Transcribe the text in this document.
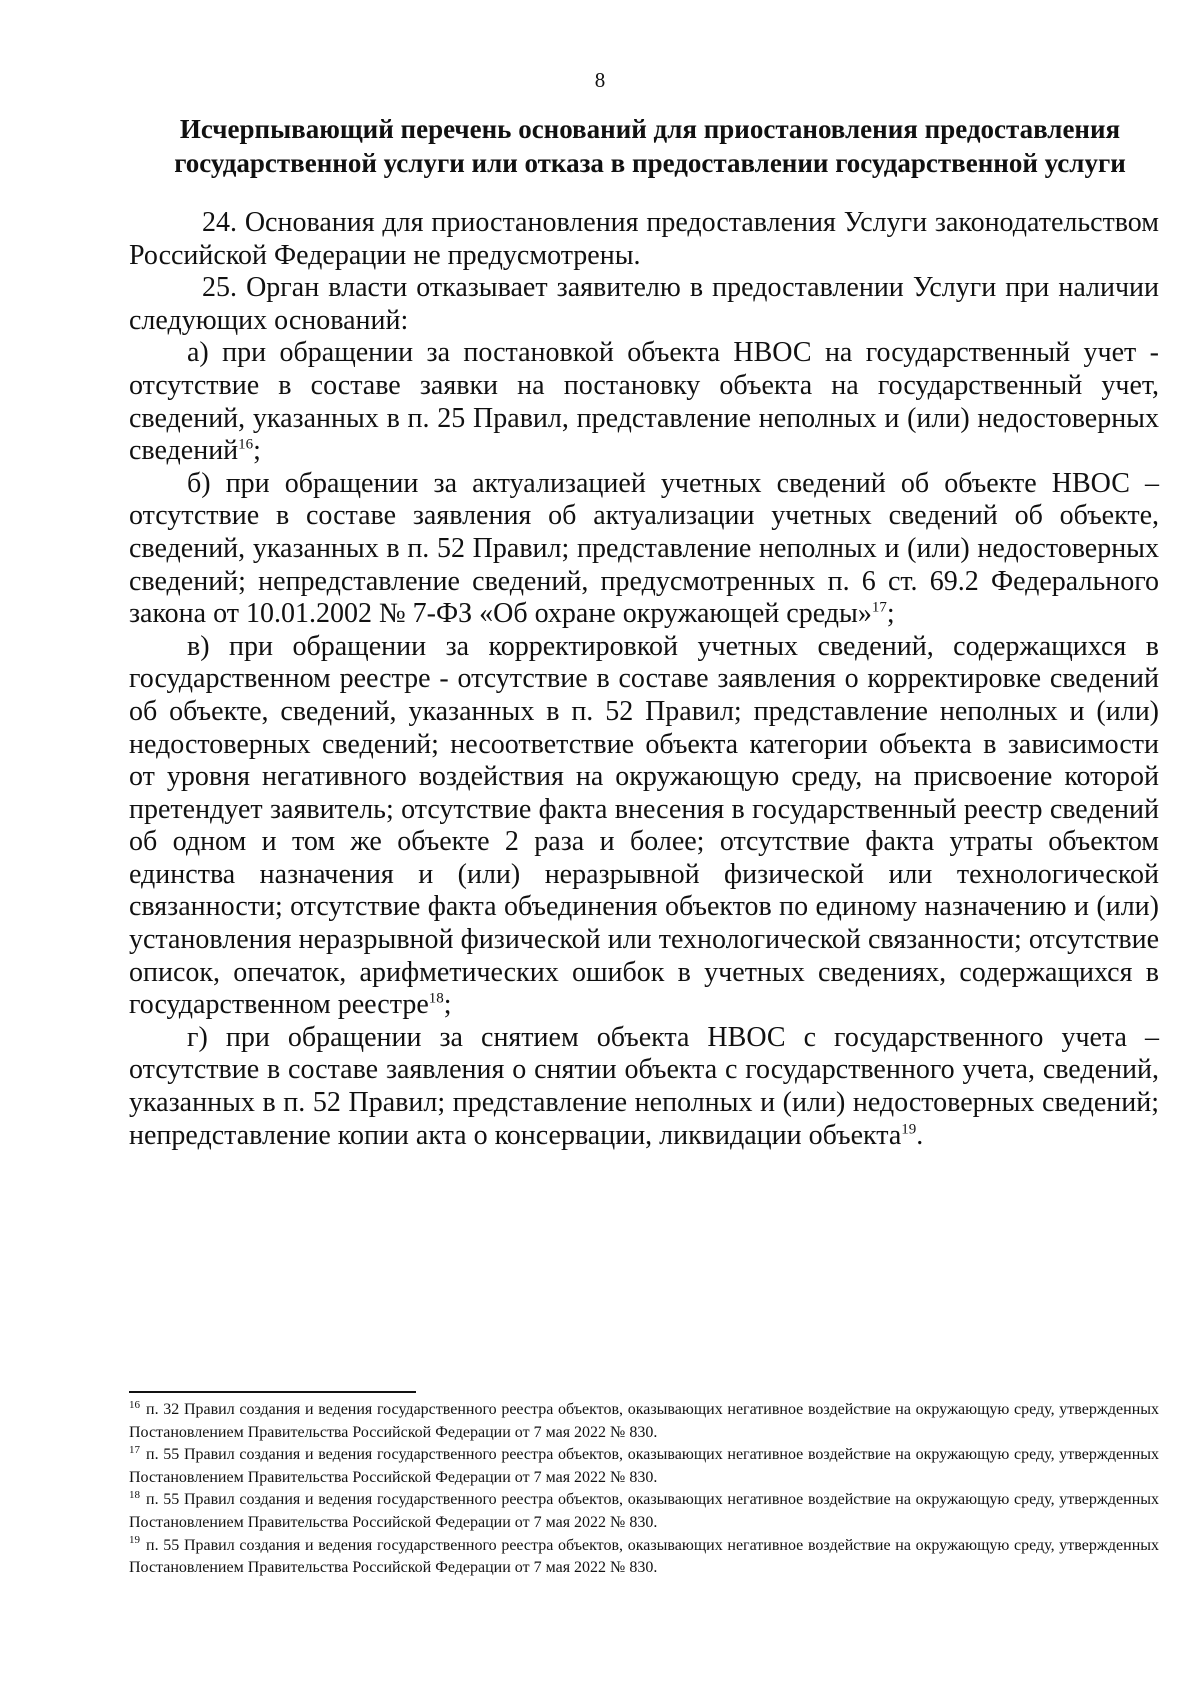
8
Исчерпывающий перечень оснований для приостановления предоставления
государственной услуги или отказа в предоставлении государственной услуги

24. Основания для приостановления предоставления Услуги законодательством Российской Федерации не предусмотрены.

25. Орган власти отказывает заявителю в предоставлении Услуги при наличии следующих оснований:

а) при обращении за постановкой объекта НВОС на государственный учет - отсутствие в составе заявки на постановку объекта на государственный учет, сведений, указанных в п. 25 Правил, представление неполных и (или) недостоверных сведений$^{16}$;

б) при обращении за актуализацией учетных сведений об объекте НВОС – отсутствие в составе заявления об актуализации учетных сведений об объекте, сведений, указанных в п. 52 Правил; представление неполных и (или) недостоверных сведений; непредставление сведений, предусмотренных п. 6 ст. 69.2 Федерального закона от 10.01.2002 № 7-ФЗ «Об охране окружающей среды»$^{17}$;

в) при обращении за корректировкой учетных сведений, содержащихся в государственном реестре - отсутствие в составе заявления о корректировке сведений об объекте, сведений, указанных в п. 52 Правил; представление неполных и (или) недостоверных сведений; несоответствие объекта категории объекта в зависимости от уровня негативного воздействия на окружающую среду, на присвоение которой претендует заявитель; отсутствие факта внесения в государственный реестр сведений об одном и том же объекте 2 раза и более; отсутствие факта утраты объектом единства назначения и (или) неразрывной физической или технологической связанности; отсутствие факта объединения объектов по единому назначению и (или) установления неразрывной физической или технологической связанности; отсутствие описок, опечаток, арифметических ошибок в учетных сведениях, содержащихся в государственном реестре$^{18}$;

г) при обращении за снятием объекта НВОС с государственного учета – отсутствие в составе заявления о снятии объекта с государственного учета, сведений, указанных в п. 52 Правил; представление неполных и (или) недостоверных сведений; непредставление копии акта о консервации, ликвидации объекта$^{19}$.

$^{16}$ п. 32 Правил создания и ведения государственного реестра объектов, оказывающих негативное воздействие на окружающую среду, утвержденных Постановлением Правительства Российской Федерации от 7 мая 2022 № 830.

$^{17}$ п. 55 Правил создания и ведения государственного реестра объектов, оказывающих негативное воздействие на окружающую среду, утвержденных Постановлением Правительства Российской Федерации от 7 мая 2022 № 830.

$^{18}$ п. 55 Правил создания и ведения государственного реестра объектов, оказывающих негативное воздействие на окружающую среду, утвержденных Постановлением Правительства Российской Федерации от 7 мая 2022 № 830.

$^{19}$ п. 55 Правил создания и ведения государственного реестра объектов, оказывающих негативное воздействие на окружающую среду, утвержденных Постановлением Правительства Российской Федерации от 7 мая 2022 № 830.
